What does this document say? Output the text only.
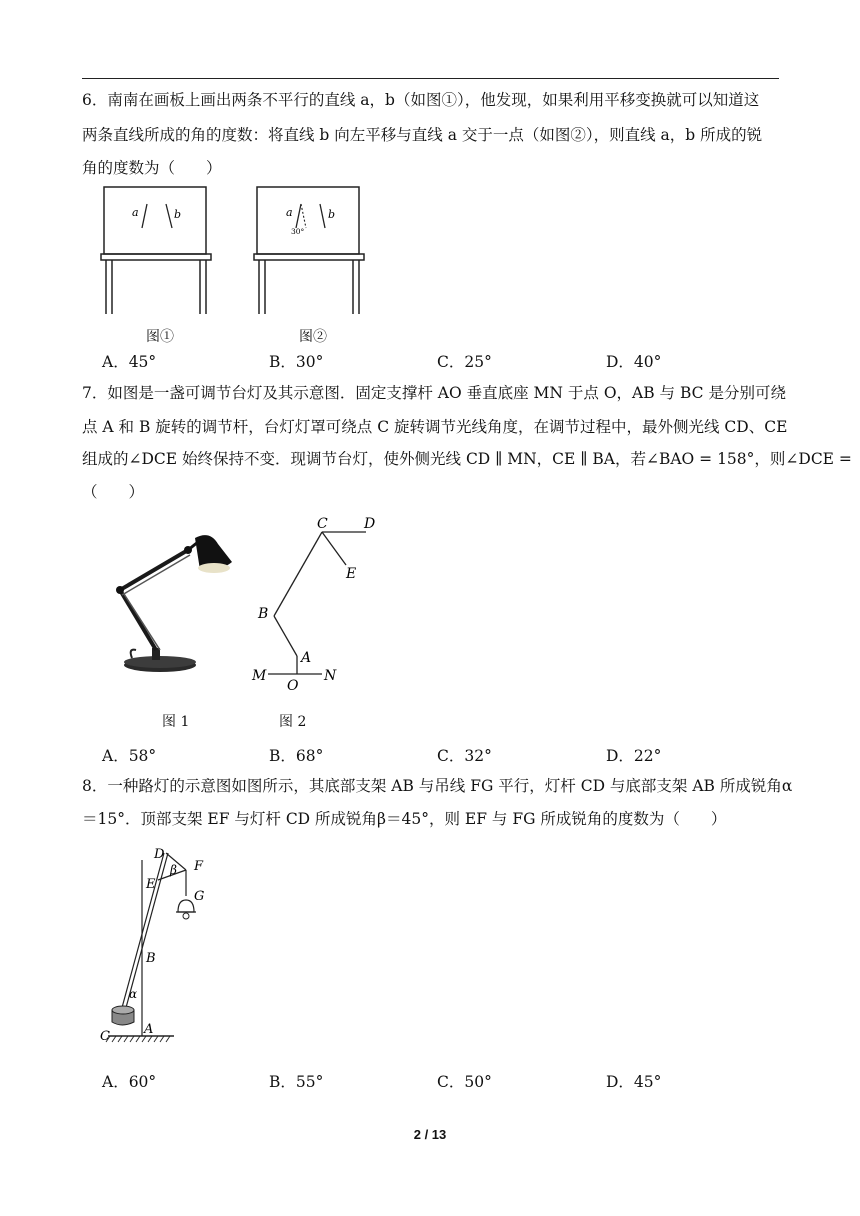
6．南南在画板上画出两条不平行的直线 a，b（如图①），他发现，如果利用平移变换就可以知道这
两条直线所成的角的度数：将直线 b 向左平移与直线 a 交于一点（如图②），则直线 a，b 所成的锐
角的度数为（　　）
a	b	a	b
30°
图①	图②
A．45°	B．30°	C．25°	D．40°
7．如图是一盏可调节台灯及其示意图．固定支撑杆 AO 垂直底座 MN 于点 O，AB 与 BC 是分别可绕
点 A 和 B 旋转的调节杆，台灯灯罩可绕点 C 旋转调节光线角度，在调节过程中，最外侧光线 CD、CE
组成的∠DCE 始终保持不变．现调节台灯，使外侧光线 CD ∥ MN，CE ∥ BA，若∠BAO = 158°，则∠DCE =
（　　）
C	D
E
B
A
M
O
N
图 1	图 2
A．58°	B．68°	C．32°	D．22°
8．一种路灯的示意图如图所示，其底部支架 AB 与吊线 FG 平行，灯杆 CD 与底部支架 AB 所成锐角α
＝15°．顶部支架 EF 与灯杆 CD 所成锐角β＝45°，则 EF 与 FG 所成锐角的度数为（　　）
D
β F
E
G
B
α
C	A
A．60°	B．55°	C．50°	D．45°
2 / 13
